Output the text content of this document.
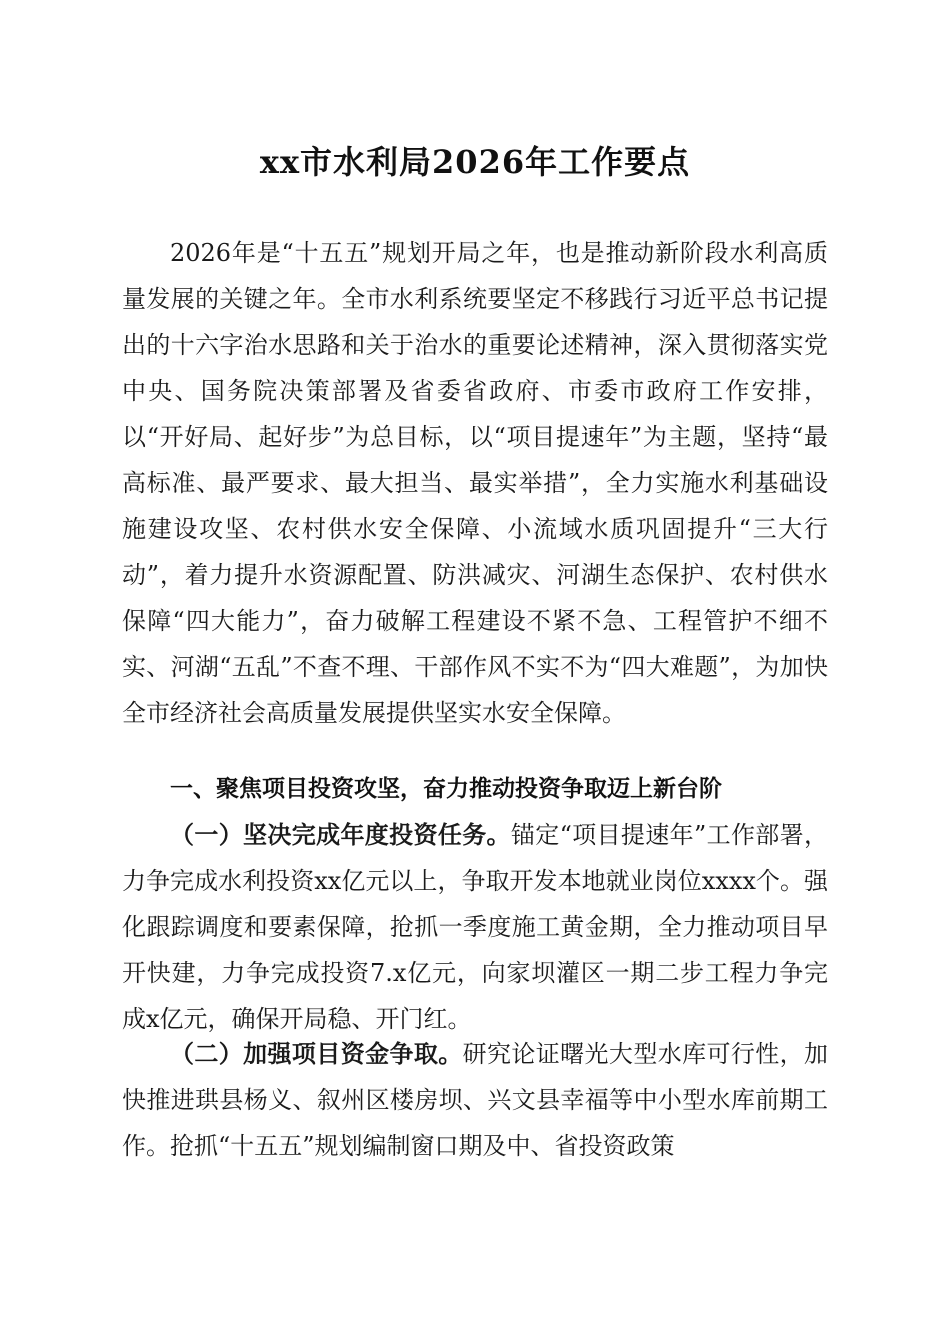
xx市水利局2026年工作要点
2026年是“十五五”规划开局之年，也是推动新阶段水利高质量发展的关键之年。全市水利系统要坚定不移践行习近平总书记提出的十六字治水思路和关于治水的重要论述精神，深入贯彻落实党中央、国务院决策部署及省委省政府、市委市政府工作安排，以“开好局、起好步”为总目标，以“项目提速年”为主题，坚持“最高标准、最严要求、最大担当、最实举措”，全力实施水利基础设施建设攻坚、农村供水安全保障、小流域水质巩固提升“三大行动”，着力提升水资源配置、防洪减灾、河湖生态保护、农村供水保障“四大能力”，奋力破解工程建设不紧不急、工程管护不细不实、河湖“五乱”不查不理、干部作风不实不为“四大难题”，为加快全市经济社会高质量发展提供坚实水安全保障。
一、聚焦项目投资攻坚，奋力推动投资争取迈上新台阶
（一）坚决完成年度投资任务。锚定“项目提速年”工作部署，力争完成水利投资xx亿元以上，争取开发本地就业岗位xxxx个。强化跟踪调度和要素保障，抢抓一季度施工黄金期，全力推动项目早开快建，力争完成投资7.x亿元，向家坝灌区一期二步工程力争完成x亿元，确保开局稳、开门红。
（二）加强项目资金争取。研究论证曙光大型水库可行性，加快推进珙县杨义、叙州区楼房坝、兴文县幸福等中小型水库前期工作。抢抓“十五五”规划编制窗口期及中、省投资政策
